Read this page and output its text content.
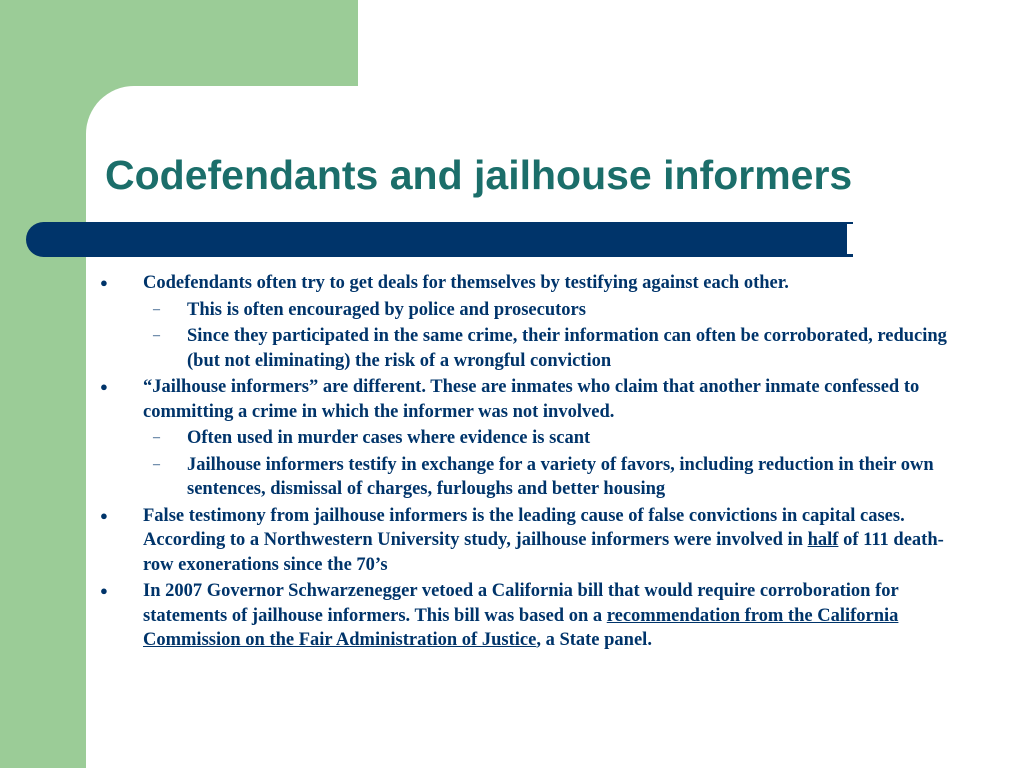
Codefendants and jailhouse informers
●	Codefendants often try to get deals for themselves by testifying against each other.
– This is often encouraged by police and prosecutors
– Since they participated in the same crime, their information can often be corroborated, reducing (but not eliminating) the risk of a wrongful conviction
●	“Jailhouse informers” are different. These are inmates who claim that another inmate confessed to committing a crime in which the informer was not involved.
– Often used in murder cases where evidence is scant
– Jailhouse informers testify in exchange for a variety of favors, including reduction in their own sentences, dismissal of charges, furloughs and better housing
●	False testimony from jailhouse informers is the leading cause of false convictions in capital cases. According to a Northwestern University study, jailhouse informers were involved in half of 111 death-row exonerations since the 70’s
●	In 2007 Governor Schwarzenegger vetoed a California bill that would require corroboration for statements of jailhouse informers. This bill was based on a recommendation from the California Commission on the Fair Administration of Justice, a State panel.
